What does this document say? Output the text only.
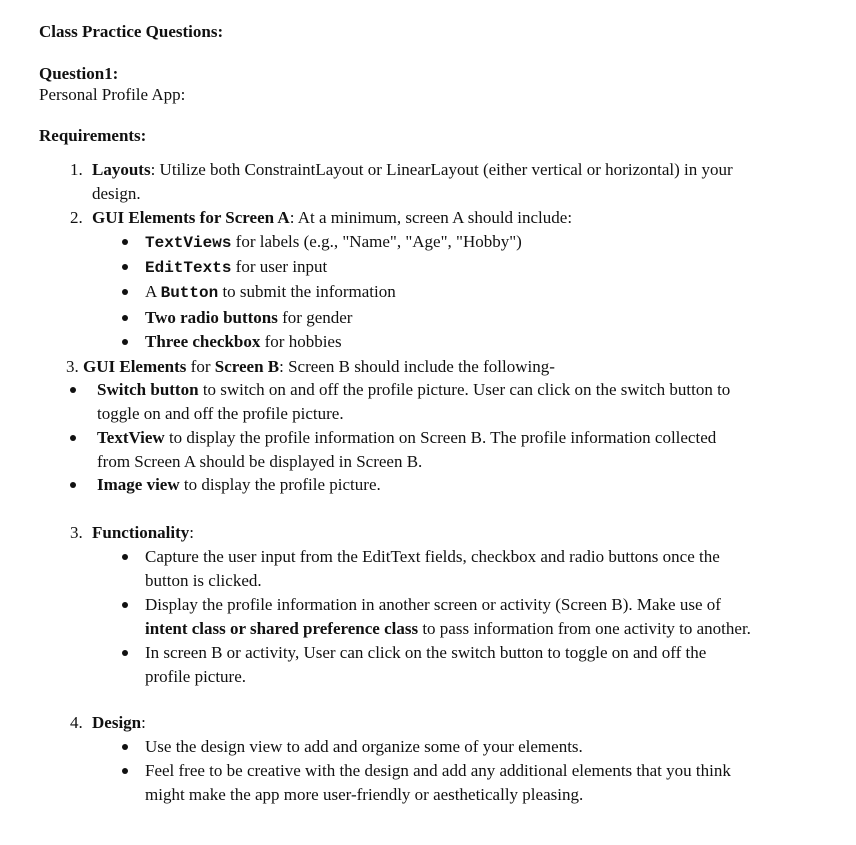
Class Practice Questions:
Question1:
Personal Profile App:
Requirements:
1. Layouts: Utilize both ConstraintLayout or LinearLayout (either vertical or horizontal) in your
design.
2. GUI Elements for Screen A: At a minimum, screen A should include:
TextViews for labels (e.g., "Name", "Age", "Hobby")
EditTexts for user input
A Button to submit the information
Two radio buttons for gender
Three checkbox for hobbies
3. GUI Elements for Screen B: Screen B should include the following-
Switch button to switch on and off the profile picture. User can click on the switch button to
toggle on and off the profile picture.
TextView to display the profile information on Screen B. The profile information collected
from Screen A should be displayed in Screen B.
Image view to display the profile picture.
3. Functionality:
Capture the user input from the EditText fields, checkbox and radio buttons once the
button is clicked.
Display the profile information in another screen or activity (Screen B). Make use of
intent class or shared preference class to pass information from one activity to another.
In screen B or activity, User can click on the switch button to toggle on and off the
profile picture.
4. Design:
Use the design view to add and organize some of your elements.
Feel free to be creative with the design and add any additional elements that you think
might make the app more user-friendly or aesthetically pleasing.
